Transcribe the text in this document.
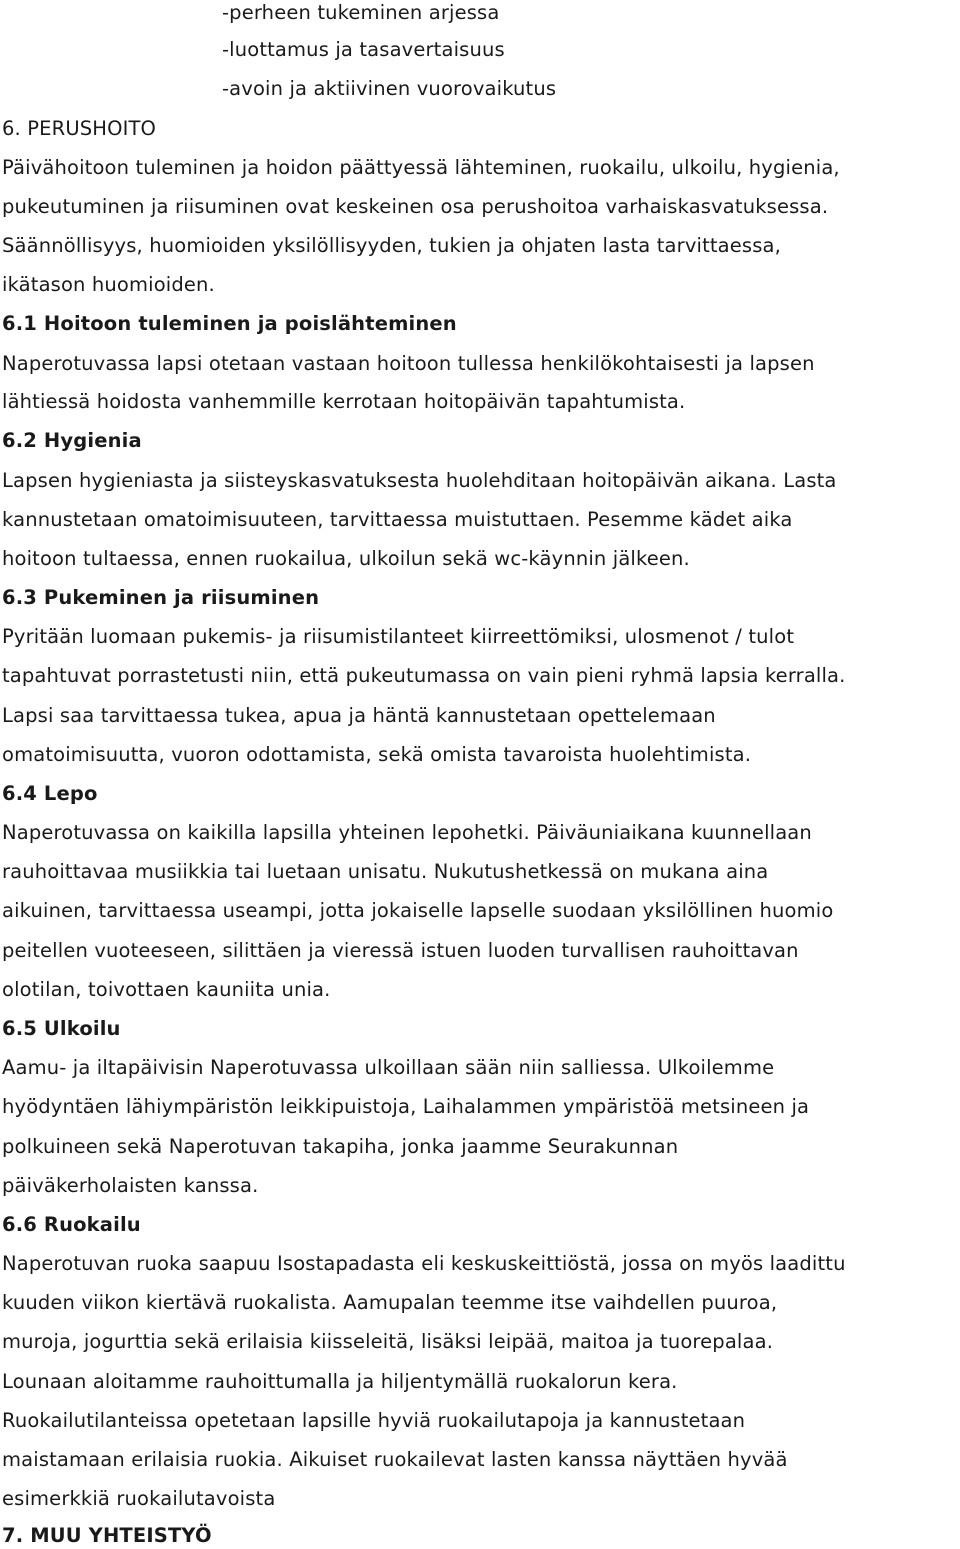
-perheen tukeminen arjessa
-luottamus ja tasavertaisuus
-avoin ja aktiivinen vuorovaikutus
6. PERUSHOITO
Päivähoitoon tuleminen ja hoidon päättyessä lähteminen, ruokailu, ulkoilu, hygienia,
pukeutuminen ja riisuminen ovat keskeinen osa perushoitoa varhaiskasvatuksessa.
Säännöllisyys, huomioiden yksilöllisyyden, tukien ja ohjaten lasta tarvittaessa,
ikätason huomioiden.
6.1 Hoitoon tuleminen ja poislähteminen
Naperotuvassa lapsi otetaan vastaan hoitoon tullessa henkilökohtaisesti ja lapsen
lähtiessä hoidosta vanhemmille kerrotaan hoitopäivän tapahtumista.
6.2 Hygienia
Lapsen hygieniasta ja siisteyskasvatuksesta huolehditaan hoitopäivän aikana. Lasta
kannustetaan omatoimisuuteen, tarvittaessa muistuttaen. Pesemme kädet aika
hoitoon tultaessa, ennen ruokailua, ulkoilun sekä wc-käynnin jälkeen.
6.3 Pukeminen ja riisuminen
Pyritään luomaan pukemis- ja riisumistilanteet kiirreettömiksi, ulosmenot / tulot
tapahtuvat porrastetusti niin, että pukeutumassa on vain pieni ryhmä lapsia kerralla.
Lapsi saa tarvittaessa tukea, apua ja häntä kannustetaan opettelemaan
omatoimisuutta, vuoron odottamista, sekä omista tavaroista huolehtimista.
6.4 Lepo
Naperotuvassa on kaikilla lapsilla yhteinen lepohetki. Päiväuniaikana kuunnellaan
rauhoittavaa musiikkia tai luetaan unisatu. Nukutushetkessä on mukana aina
aikuinen, tarvittaessa useampi, jotta jokaiselle lapselle suodaan yksilöllinen huomio
peitellen vuoteeseen, silittäen ja vieressä istuen luoden turvallisen rauhoittavan
olotilan, toivottaen kauniita unia.
6.5 Ulkoilu
Aamu- ja iltapäivisin Naperotuvassa ulkoillaan sään niin salliessa. Ulkoilemme
hyödyntäen lähiympäristön leikkipuistoja, Laihalammen ympäristöä metsineen ja
polkuineen sekä Naperotuvan takapiha, jonka jaamme Seurakunnan
päiväkerholaisten kanssa.
6.6 Ruokailu
Naperotuvan ruoka saapuu Isostapadasta eli keskuskeittiöstä, jossa on myös laadittu
kuuden viikon kiertävä ruokalista. Aamupalan teemme itse vaihdellen puuroa,
muroja, jogurttia sekä erilaisia kiisseleitä, lisäksi leipää, maitoa ja tuorepalaa.
Lounaan aloitamme rauhoittumalla ja hiljentymällä ruokalorun kera.
Ruokailutilanteissa opetetaan lapsille hyviä ruokailutapoja ja kannustetaan
maistamaan erilaisia ruokia. Aikuiset ruokailevat lasten kanssa näyttäen hyvää
esimerkkiä ruokailutavoista
7. MUU YHTEISTYÖ
